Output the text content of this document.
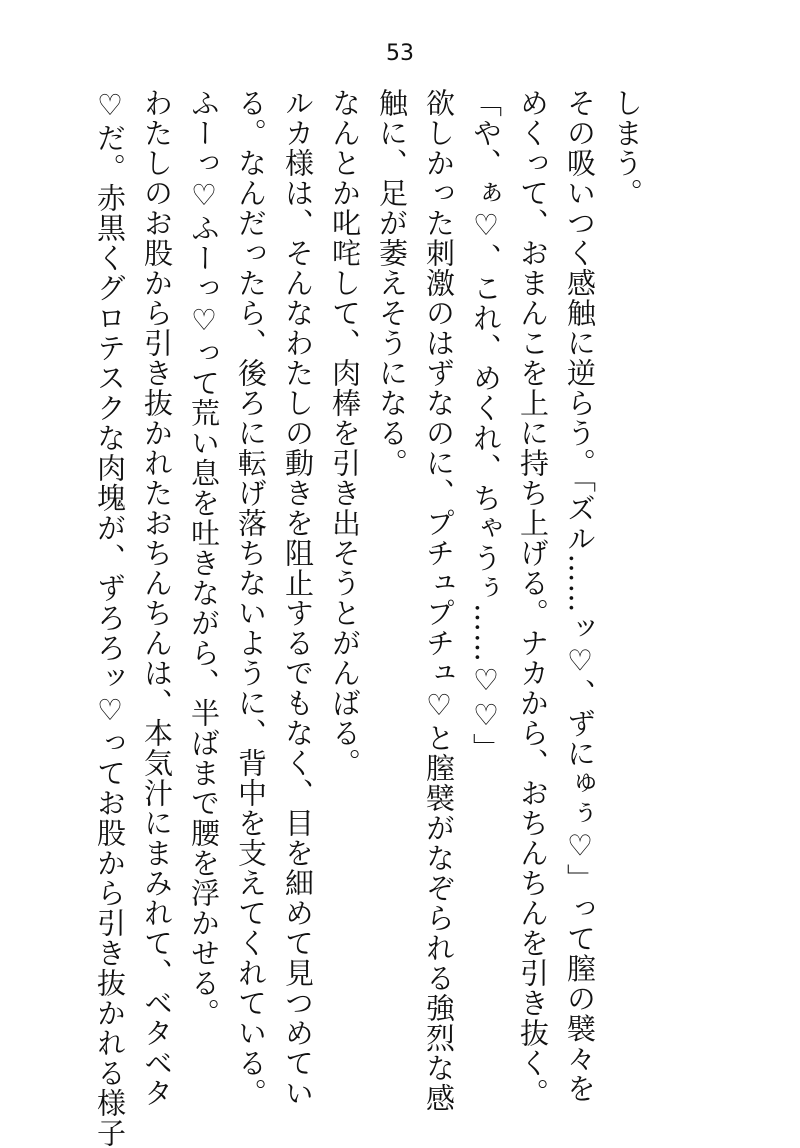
53

しまう。

その吸いつく感触に逆らう。「ズル……ッ♡、ずにゅぅ♡」って膣の襞々を

めくって、おまんこを上に持ち上げる。ナカから、おちんちんを引き抜く。

「や、ぁ♡、これ、めくれ、ちゃうぅ……♡♡」

欲しかった刺激のはずなのに、プチュプチュ♡と膣襞がなぞられる強烈な感

触に、足が萎えそうになる。

なんとか叱咤して、肉棒を引き出そうとがんばる。

ルカ様は、そんなわたしの動きを阻止するでもなく、目を細めて見つめてい

る。なんだったら、後ろに転げ落ちないように、背中を支えてくれている。

ふーっ♡ふーっ♡って荒い息を吐きながら、半ばまで腰を浮かせる。

わたしのお股から引き抜かれたおちんちんは、本気汁にまみれて、ベタベタ

♡だ。赤黒くグロテスクな肉塊が、ずろろッ♡ってお股から引き抜かれる様子
